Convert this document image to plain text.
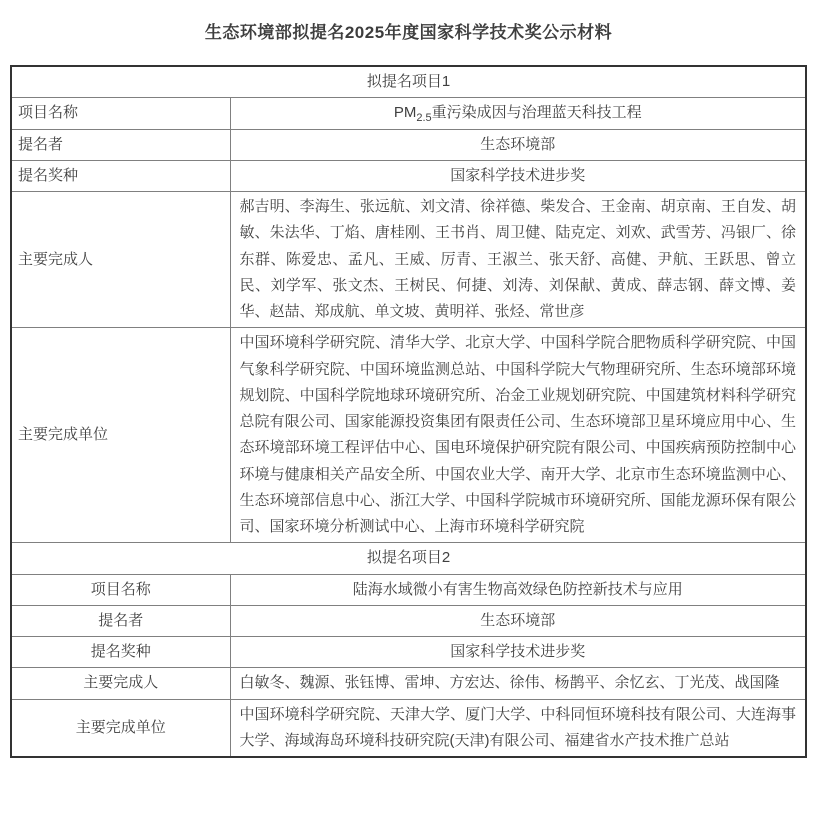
生态环境部拟提名2025年度国家科学技术奖公示材料
拟提名项目1	
项目名称	$PM_{2.5}$重污染成因与治理蓝天科技工程
提名者	生态环境部
提名奖种	国家科学技术进步奖
主要完成人	郝吉明、李海生、张远航、刘文清、徐祥德、柴发合、王金南、胡京南、王自发、胡敏、朱法华、丁焰、唐桂刚、王书肖、周卫健、陆克定、刘欢、武雪芳、冯银厂、徐东群、陈爱忠、孟凡、王威、厉青、王淑兰、张天舒、高健、尹航、王跃思、曾立民、刘学军、张文杰、王树民、何捷、刘涛、刘保献、黄成、薛志钢、薛文博、姜华、赵喆、郑成航、单文坡、黄明祥、张烃、常世彦
主要完成单位	中国环境科学研究院、清华大学、北京大学、中国科学院合肥物质科学研究院、中国气象科学研究院、中国环境监测总站、中国科学院大气物理研究所、生态环境部环境规划院、中国科学院地球环境研究所、冶金工业规划研究院、中国建筑材料科学研究总院有限公司、国家能源投资集团有限责任公司、生态环境部卫星环境应用中心、生态环境部环境工程评估中心、国电环境保护研究院有限公司、中国疾病预防控制中心环境与健康相关产品安全所、中国农业大学、南开大学、北京市生态环境监测中心、生态环境部信息中心、浙江大学、中国科学院城市环境研究所、国能龙源环保有限公司、国家环境分析测试中心、上海市环境科学研究院
拟提名项目2	
项目名称	陆海水域微小有害生物高效绿色防控新技术与应用
提名者	生态环境部
提名奖种	国家科学技术进步奖
主要完成人	白敏冬、魏源、张钰博、雷坤、方宏达、徐伟、杨鹊平、余忆玄、丁光茂、战国隆
主要完成单位	中国环境科学研究院、天津大学、厦门大学、中科同恒环境科技有限公司、大连海事大学、海域海岛环境科技研究院(天津)有限公司、福建省水产技术推广总站
